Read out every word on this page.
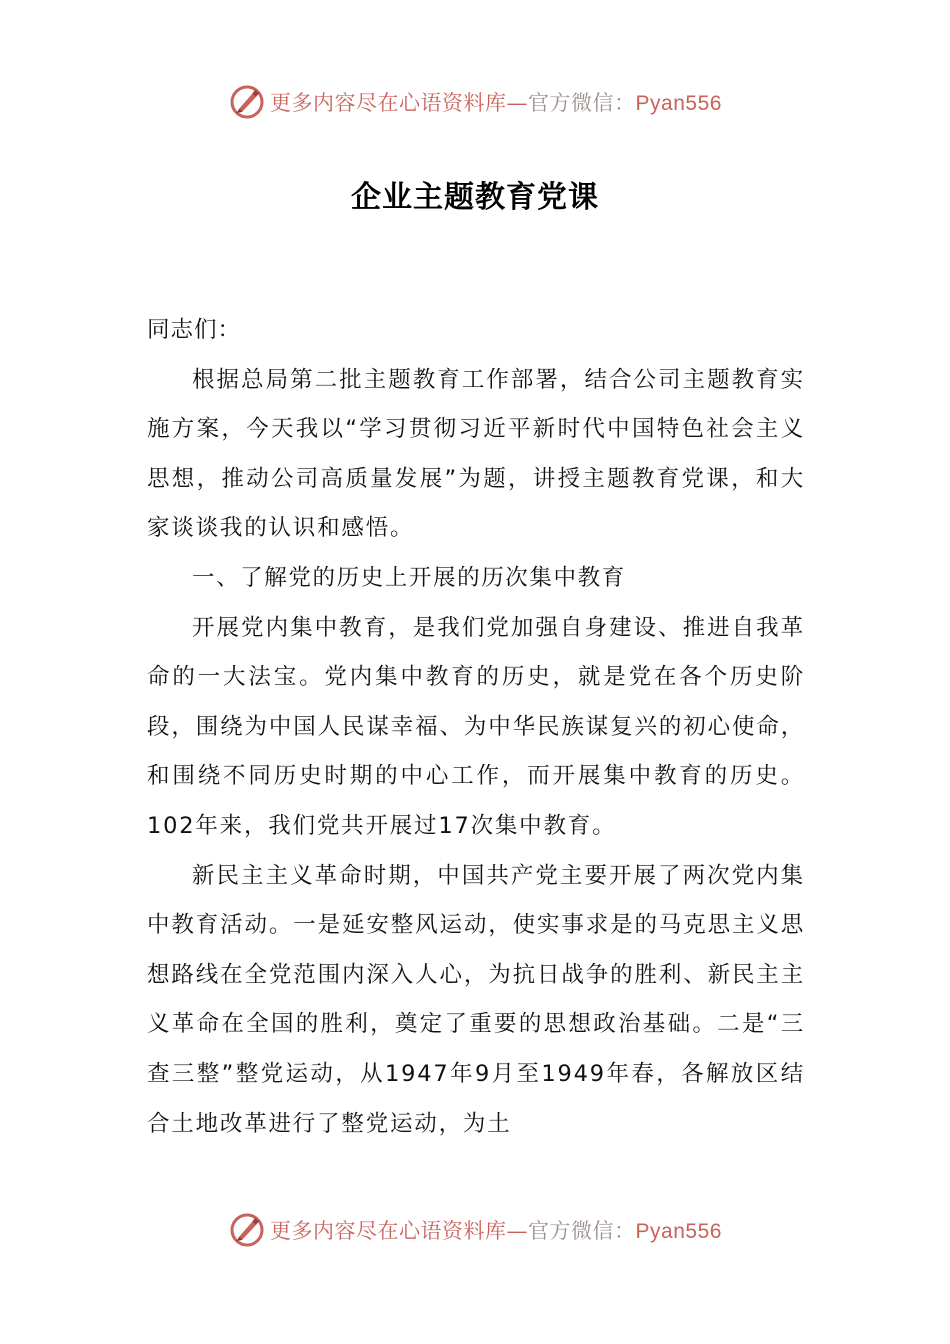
更多内容尽在心语资料库—官方微信：Pyan556
企业主题教育党课

同志们：

根据总局第二批主题教育工作部署，结合公司主题教育实施方案，今天我以“学习贯彻习近平新时代中国特色社会主义思想，推动公司高质量发展”为题，讲授主题教育党课，和大家谈谈我的认识和感悟。

一、了解党的历史上开展的历次集中教育

开展党内集中教育，是我们党加强自身建设、推进自我革命的一大法宝。党内集中教育的历史，就是党在各个历史阶段，围绕为中国人民谋幸福、为中华民族谋复兴的初心使命，和围绕不同历史时期的中心工作，而开展集中教育的历史。102年来，我们党共开展过17次集中教育。

新民主主义革命时期，中国共产党主要开展了两次党内集中教育活动。一是延安整风运动，使实事求是的马克思主义思想路线在全党范围内深入人心，为抗日战争的胜利、新民主主义革命在全国的胜利，奠定了重要的思想政治基础。二是“三查三整”整党运动，从1947年9月至1949年春，各解放区结合土地改革进行了整党运动，为土

更多内容尽在心语资料库—官方微信：Pyan556
